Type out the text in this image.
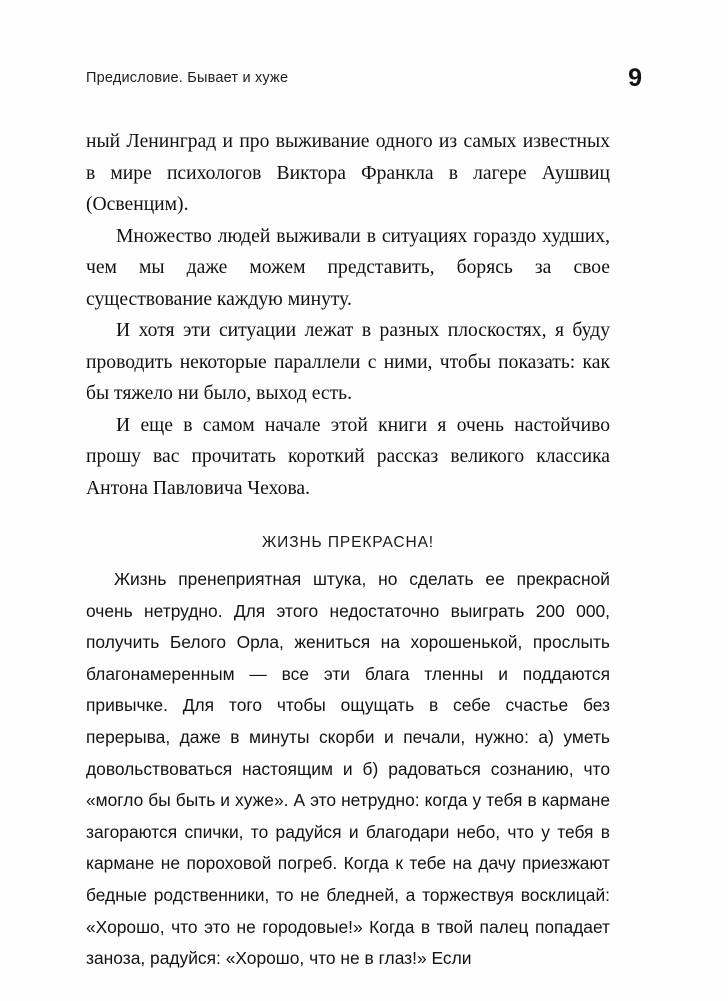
Предисловие. Бывает и хуже	9

ный Ленинград и про выживание одного из самых известных в мире психологов Виктора Франкла в лагере Аушвиц (Освенцим).

Множество людей выживали в ситуациях гораздо худших, чем мы даже можем представить, борясь за свое существование каждую минуту.

И хотя эти ситуации лежат в разных плоскостях, я буду проводить некоторые параллели с ними, чтобы показать: как бы тяжело ни было, выход есть.

И еще в самом начале этой книги я очень настойчиво прошу вас прочитать короткий рассказ великого классика Антона Павловича Чехова.

ЖИЗНЬ ПРЕКРАСНА!

Жизнь пренеприятная штука, но сделать ее прекрасной очень нетрудно. Для этого недостаточно выиграть 200 000, получить Белого Орла, жениться на хорошенькой, прослыть благонамеренным — все эти блага тленны и поддаются привычке. Для того чтобы ощущать в себе счастье без перерыва, даже в минуты скорби и печали, нужно: а) уметь довольствоваться настоящим и б) радоваться сознанию, что «могло бы быть и хуже». А это нетрудно: когда у тебя в кармане загораются спички, то радуйся и благодари небо, что у тебя в кармане не пороховой погреб. Когда к тебе на дачу приезжают бедные родственники, то не бледней, а торжествуя восклицай: «Хорошо, что это не городовые!» Когда в твой палец попадает заноза, радуйся: «Хорошо, что не в глаз!» Если
